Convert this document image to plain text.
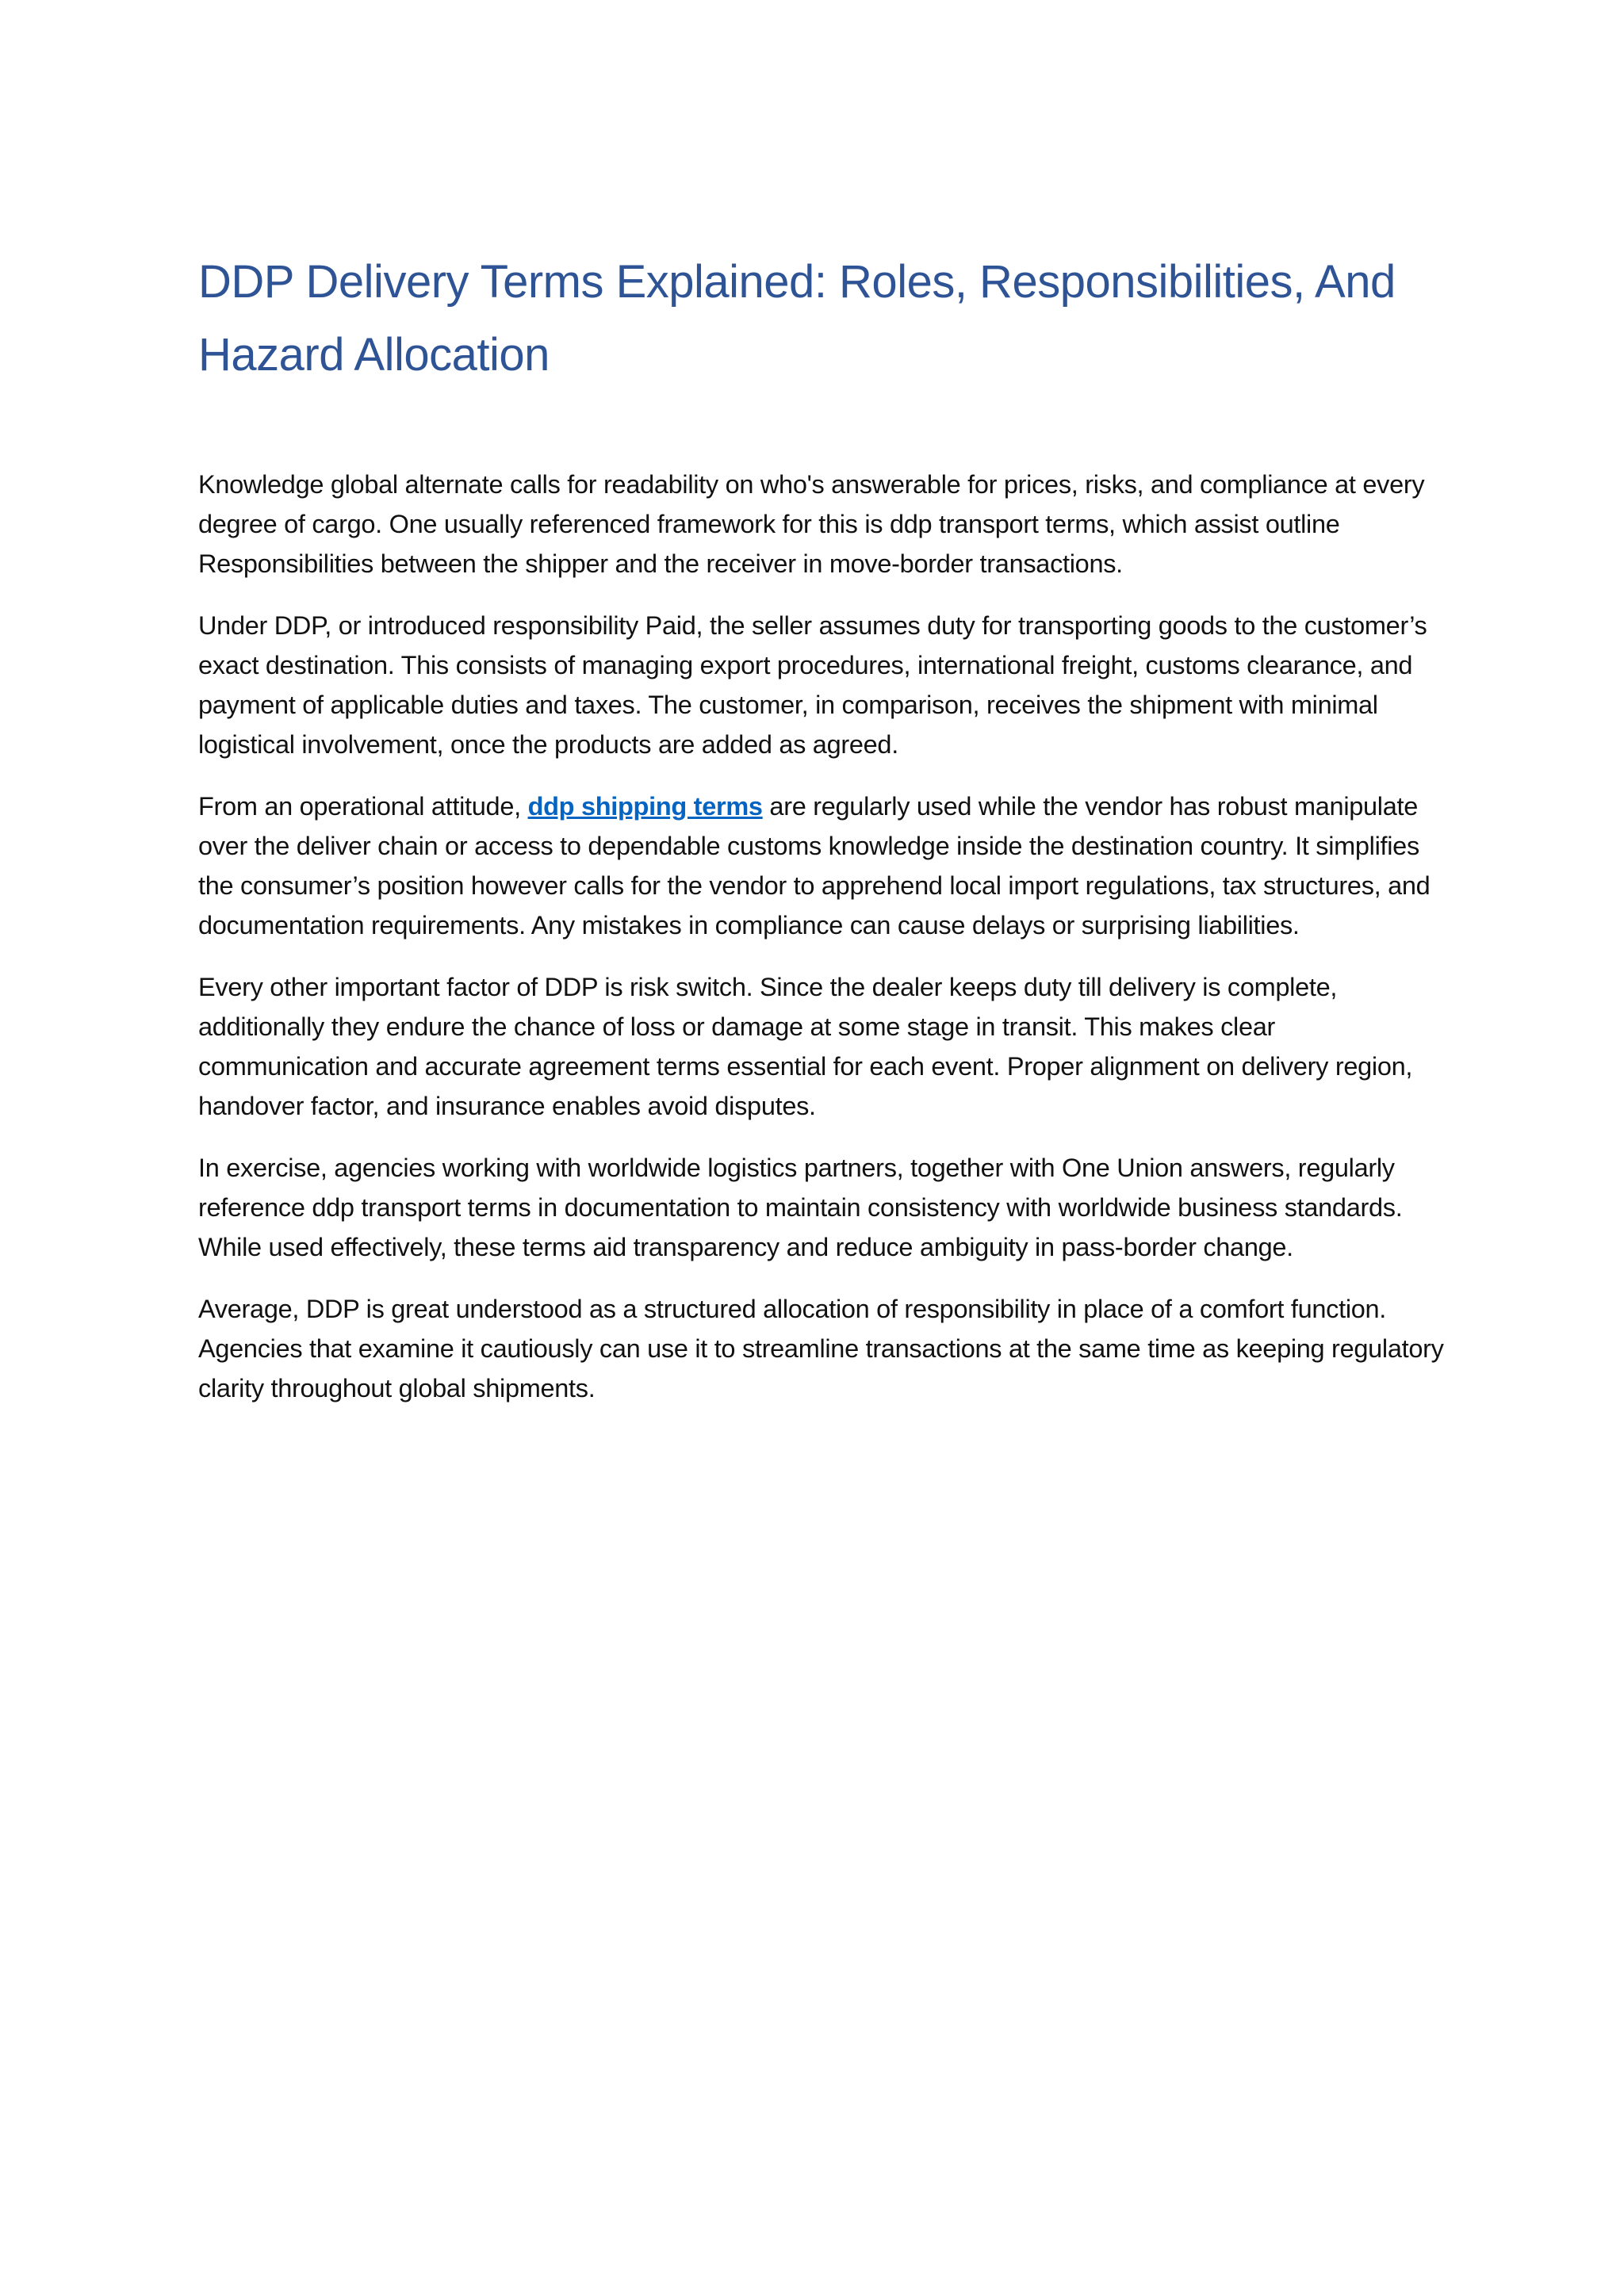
DDP Delivery Terms Explained: Roles, Responsibilities, And Hazard Allocation

Knowledge global alternate calls for readability on who's answerable for prices, risks, and compliance at every degree of cargo. One usually referenced framework for this is ddp transport terms, which assist outline Responsibilities between the shipper and the receiver in move-border transactions.

Under DDP, or introduced responsibility Paid, the seller assumes duty for transporting goods to the customer’s exact destination. This consists of managing export procedures, international freight, customs clearance, and payment of applicable duties and taxes. The customer, in comparison, receives the shipment with minimal logistical involvement, once the products are added as agreed.

From an operational attitude, ddp shipping terms are regularly used while the vendor has robust manipulate over the deliver chain or access to dependable customs knowledge inside the destination country. It simplifies the consumer’s position however calls for the vendor to apprehend local import regulations, tax structures, and documentation requirements. Any mistakes in compliance can cause delays or surprising liabilities.

Every other important factor of DDP is risk switch. Since the dealer keeps duty till delivery is complete, additionally they endure the chance of loss or damage at some stage in transit. This makes clear communication and accurate agreement terms essential for each event. Proper alignment on delivery region, handover factor, and insurance enables avoid disputes.

In exercise, agencies working with worldwide logistics partners, together with One Union answers, regularly reference ddp transport terms in documentation to maintain consistency with worldwide business standards. While used effectively, these terms aid transparency and reduce ambiguity in pass-border change.

Average, DDP is great understood as a structured allocation of responsibility in place of a comfort function. Agencies that examine it cautiously can use it to streamline transactions at the same time as keeping regulatory clarity throughout global shipments.
